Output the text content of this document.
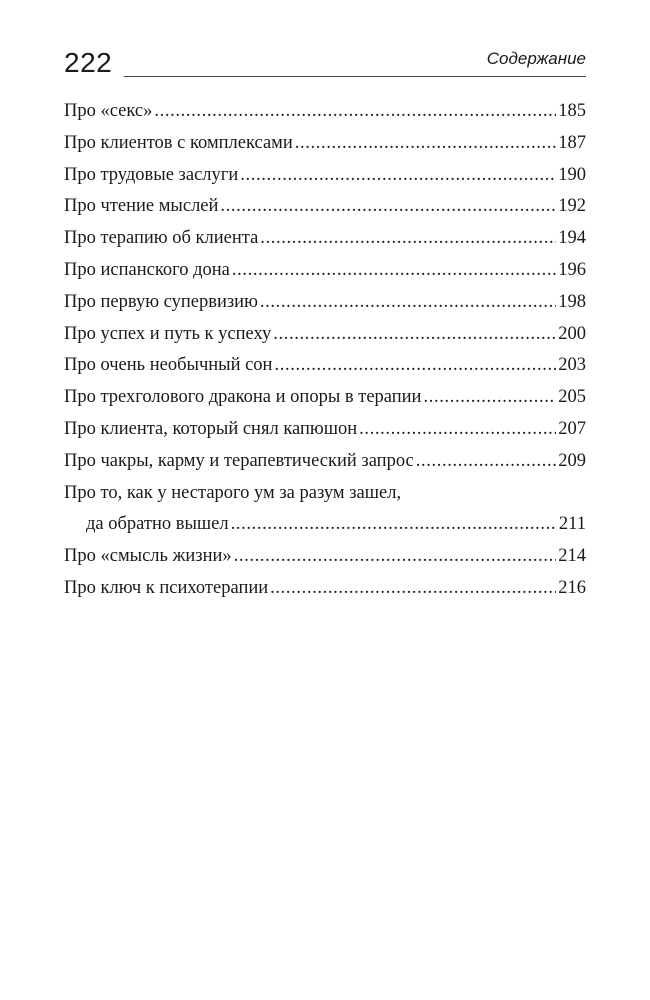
222	Содержание
Про «секс» . . .	185
Про клиентов с комплексами . . .	187
Про трудовые заслуги . . .	190
Про чтение мыслей . . .	192
Про терапию об клиента . . .	194
Про испанского дона . . .	196
Про первую супервизию . . .	198
Про успех и путь к успеху . . .	200
Про очень необычный сон . . .	203
Про трехголового дракона и опоры в терапии . . .	205
Про клиента, который снял капюшон . . .	207
Про чакры, карму и терапевтический запрос . . .	209
Про то, как у нестарого ум за разум зашел,
да обратно вышел . . .	211
Про «смысль жизни» . . .	214
Про ключ к психотерапии . . .	216
